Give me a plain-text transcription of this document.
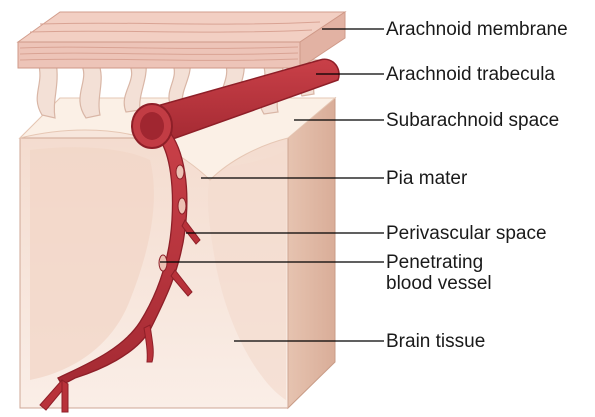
Arachnoid membrane
Arachnoid trabecula
Subarachnoid space
Pia mater
Perivascular space
Penetrating
blood vessel
Brain tissue
